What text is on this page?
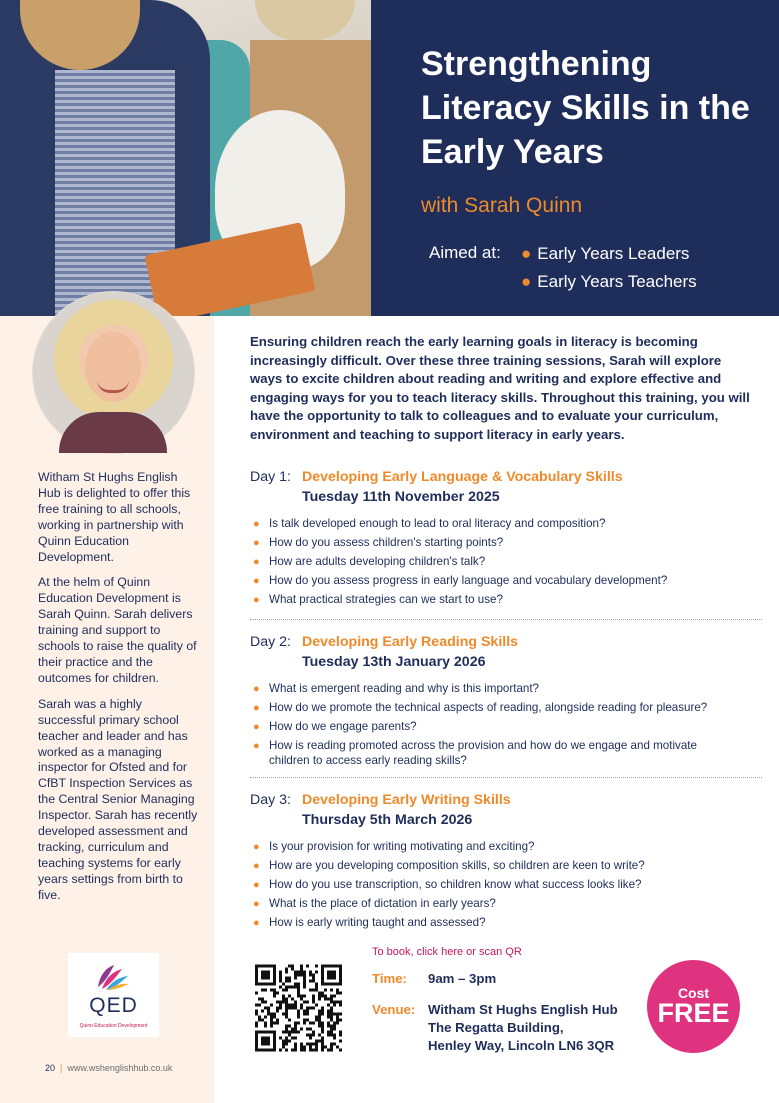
Strengthening Literacy Skills in the Early Years
with Sarah Quinn
Aimed at: ● Early Years Leaders
● Early Years Teachers

Witham St Hughs English Hub is delighted to offer this free training to all schools, working in partnership with Quinn Education Development.

At the helm of Quinn Education Development is Sarah Quinn. Sarah delivers training and support to schools to raise the quality of their practice and the outcomes for children.

Sarah was a highly successful primary school teacher and leader and has worked as a managing inspector for Ofsted and for CfBT Inspection Services as the Central Senior Managing Inspector. Sarah has recently developed assessment and tracking, curriculum and teaching systems for early years settings from birth to five.

QED
Quinn Education Development
20 | www.wshenglishhub.co.uk

Ensuring children reach the early learning goals in literacy is becoming increasingly difficult. Over these three training sessions, Sarah will explore ways to excite children about reading and writing and explore effective and engaging ways for you to teach literacy skills. Throughout this training, you will have the opportunity to talk to colleagues and to evaluate your curriculum, environment and teaching to support literacy in early years.

Day 1: Developing Early Language & Vocabulary Skills
Tuesday 11th November 2025
● Is talk developed enough to lead to oral literacy and composition?
● How do you assess children's starting points?
● How are adults developing children's talk?
● How do you assess progress in early language and vocabulary development?
● What practical strategies can we start to use?
Day 2: Developing Early Reading Skills
Tuesday 13th January 2026
● What is emergent reading and why is this important?
● How do we promote the technical aspects of reading, alongside reading for pleasure?
● How do we engage parents?
● How is reading promoted across the provision and how do we engage and motivate children to access early reading skills?
Day 3: Developing Early Writing Skills
Thursday 5th March 2026
● Is your provision for writing motivating and exciting?
● How are you developing composition skills, so children are keen to write?
● How do you use transcription, so children know what success looks like?
● What is the place of dictation in early years?
● How is early writing taught and assessed?
To book, click here or scan QR
Time: 9am – 3pm
Venue: Witham St Hughs English Hub
The Regatta Building,
Henley Way, Lincoln LN6 3QR
Cost
FREE
